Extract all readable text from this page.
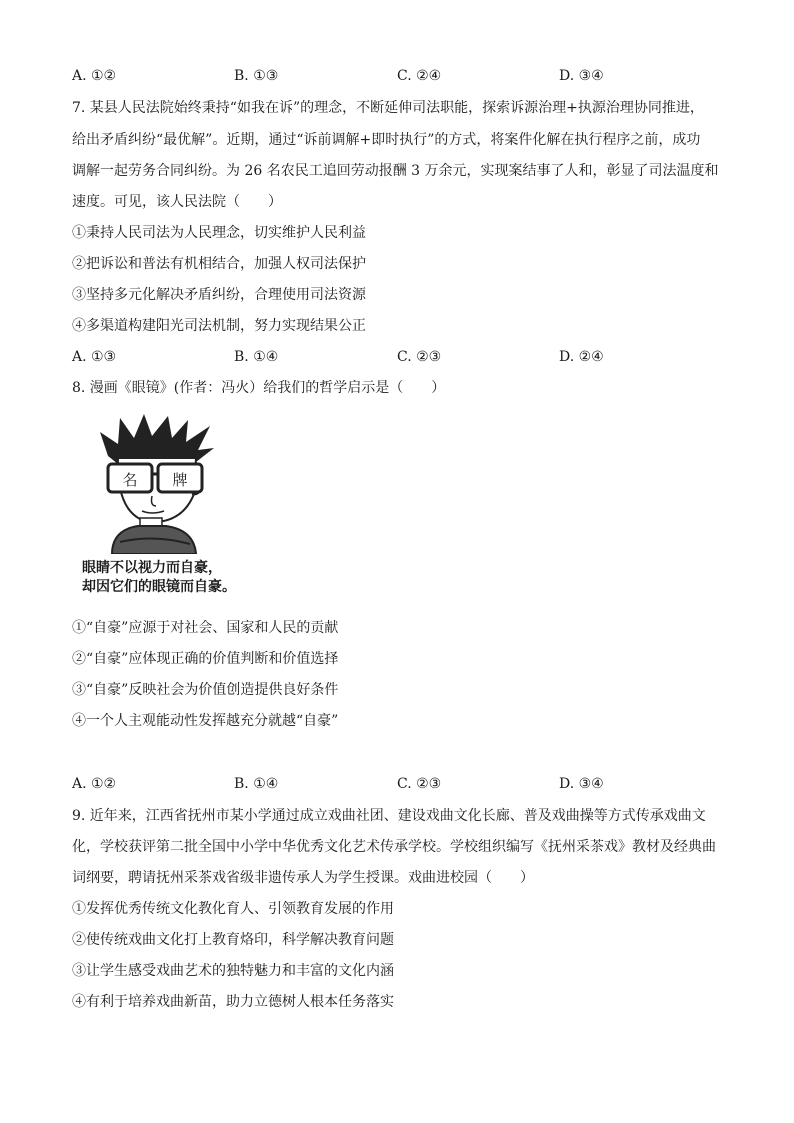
A. ①②	B. ①③	C. ②④	D. ③④
7. 某县人民法院始终秉持“如我在诉”的理念，不断延伸司法职能，探索诉源治理+执源治理协同推进，
给出矛盾纠纷“最优解”。近期，通过“诉前调解+即时执行”的方式，将案件化解在执行程序之前，成功
调解一起劳务合同纠纷。为 26 名农民工追回劳动报酬 3 万余元，实现案结事了人和，彰显了司法温度和
速度。可见，该人民法院（　　）
①秉持人民司法为人民理念，切实维护人民利益
②把诉讼和普法有机相结合，加强人权司法保护
③坚持多元化解决矛盾纠纷，合理使用司法资源
④多渠道构建阳光司法机制，努力实现结果公正
A. ①③	B. ①④	C. ②③	D. ②④
8. 漫画《眼镜》(作者：冯火）给我们的哲学启示是（　　）
名 牌
眼睛不以视力而自豪，
却因它们的眼镜而自豪。
①“自豪”应源于对社会、国家和人民的贡献
②“自豪”应体现正确的价值判断和价值选择
③“自豪”反映社会为价值创造提供良好条件
④一个人主观能动性发挥越充分就越“自豪”
A. ①②	B. ①④	C. ②③	D. ③④
9. 近年来，江西省抚州市某小学通过成立戏曲社团、建设戏曲文化长廊、普及戏曲操等方式传承戏曲文
化，学校获评第二批全国中小学中华优秀文化艺术传承学校。学校组织编写《抚州采茶戏》教材及经典曲
词纲要，聘请抚州采茶戏省级非遗传承人为学生授课。戏曲进校园（　　）
①发挥优秀传统文化教化育人、引领教育发展的作用
②使传统戏曲文化打上教育烙印，科学解决教育问题
③让学生感受戏曲艺术的独特魅力和丰富的文化内涵
④有利于培养戏曲新苗，助力立德树人根本任务落实
